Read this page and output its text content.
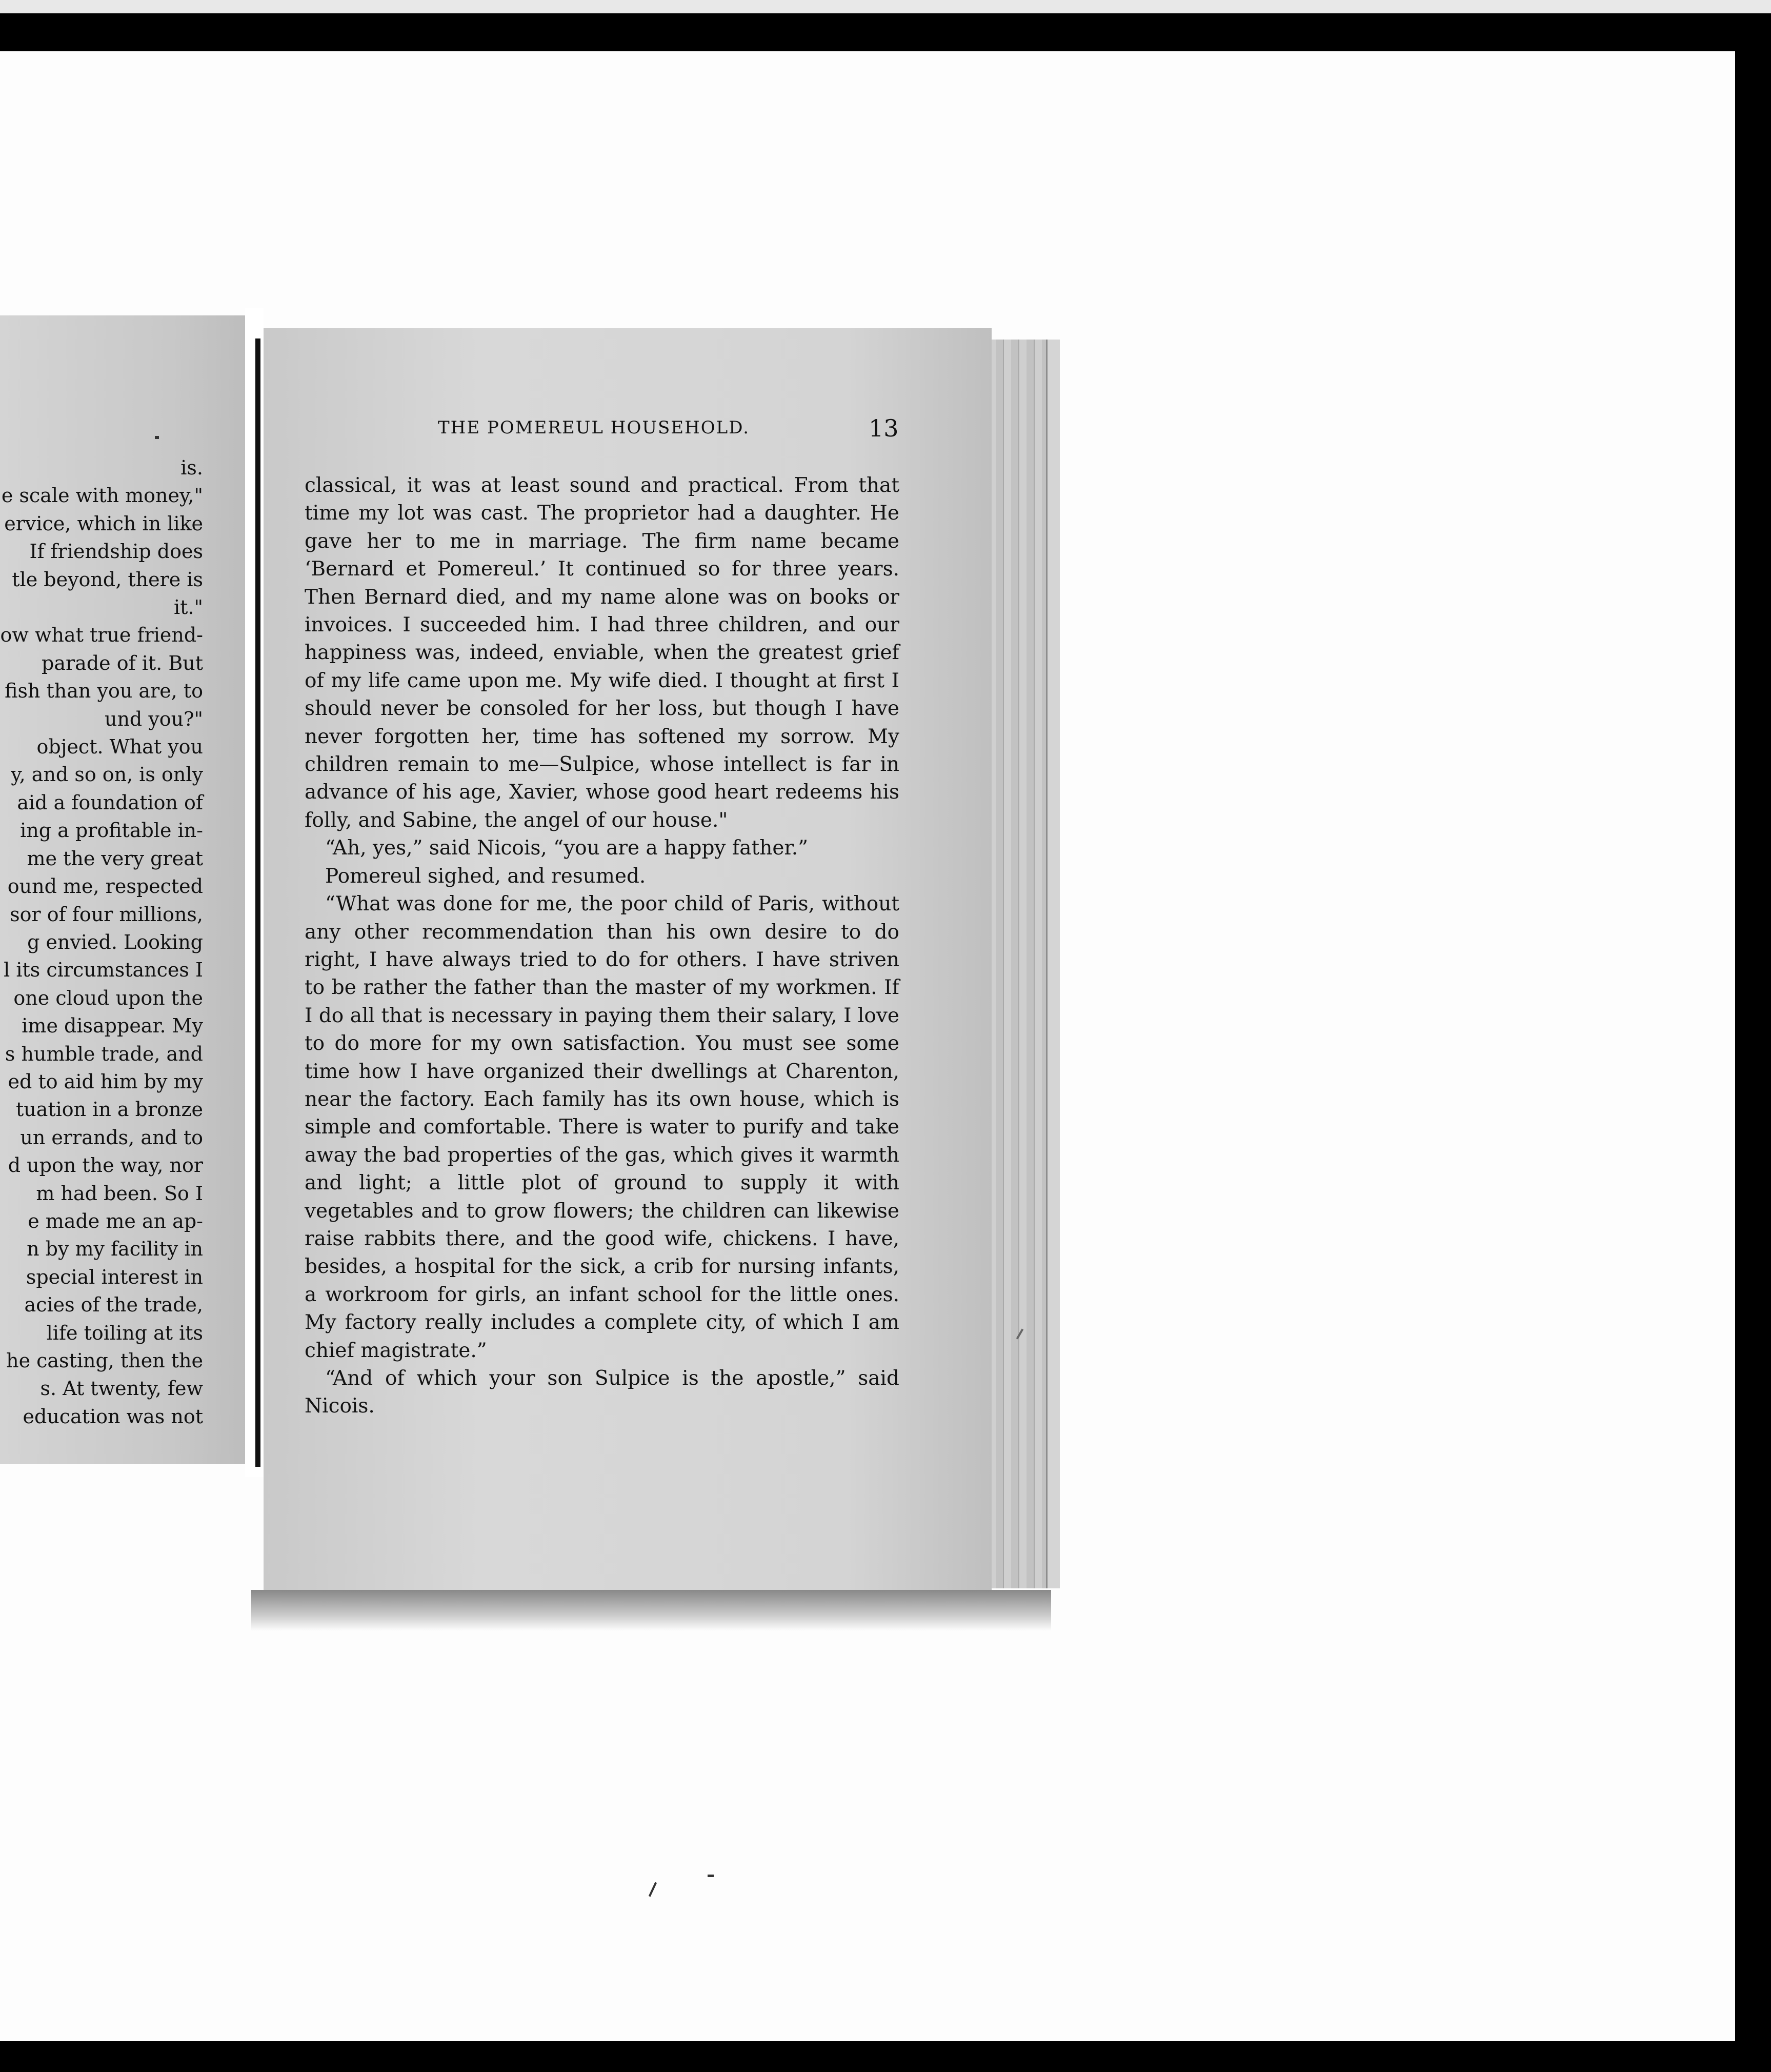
is.
e scale with money,"
ervice, which in like
If friendship does
tle beyond, there is
it."
ow what true friend-
parade of it. But
fish than you are, to
und you?"
object. What you
y, and so on, is only
aid a foundation of
ing a profitable in-
me the very great
ound me, respected
sor of four millions,
g envied. Looking
l its circumstances I
one cloud upon the
ime disappear. My
s humble trade, and
ed to aid him by my
tuation in a bronze
un errands, and to
d upon the way, nor
m had been. So I
e made me an ap-
n by my facility in
special interest in
acies of the trade,
life toiling at its
he casting, then the
s. At twenty, few
education was not
THE POMEREUL HOUSEHOLD.	13

classical, it was at least sound and practical. From that time my lot was cast. The proprietor had a daughter. He gave her to me in marriage. The firm name became ‘Bernard et Pomereul.’ It continued so for three years. Then Bernard died, and my name alone was on books or invoices. I succeeded him. I had three children, and our happiness was, indeed, enviable, when the greatest grief of my life came upon me. My wife died. I thought at first I should never be consoled for her loss, but though I have never forgotten her, time has softened my sorrow. My children remain to me—Sulpice, whose intellect is far in advance of his age, Xavier, whose good heart redeems his folly, and Sabine, the angel of our house."

“Ah, yes,” said Nicois, “you are a happy father.”

Pomereul sighed, and resumed.

“What was done for me, the poor child of Paris, without any other recommendation than his own desire to do right, I have always tried to do for others. I have striven to be rather the father than the master of my workmen. If I do all that is necessary in paying them their salary, I love to do more for my own satisfaction. You must see some time how I have organized their dwellings at Charenton, near the factory. Each family has its own house, which is simple and comfortable. There is water to purify and take away the bad properties of the gas, which gives it warmth and light; a little plot of ground to supply it with vegetables and to grow flowers; the children can likewise raise rabbits there, and the good wife, chickens. I have, besides, a hospital for the sick, a crib for nursing infants, a workroom for girls, an infant school for the little ones. My factory really includes a complete city, of which I am chief magistrate.”

“And of which your son Sulpice is the apostle,” said Nicois.
